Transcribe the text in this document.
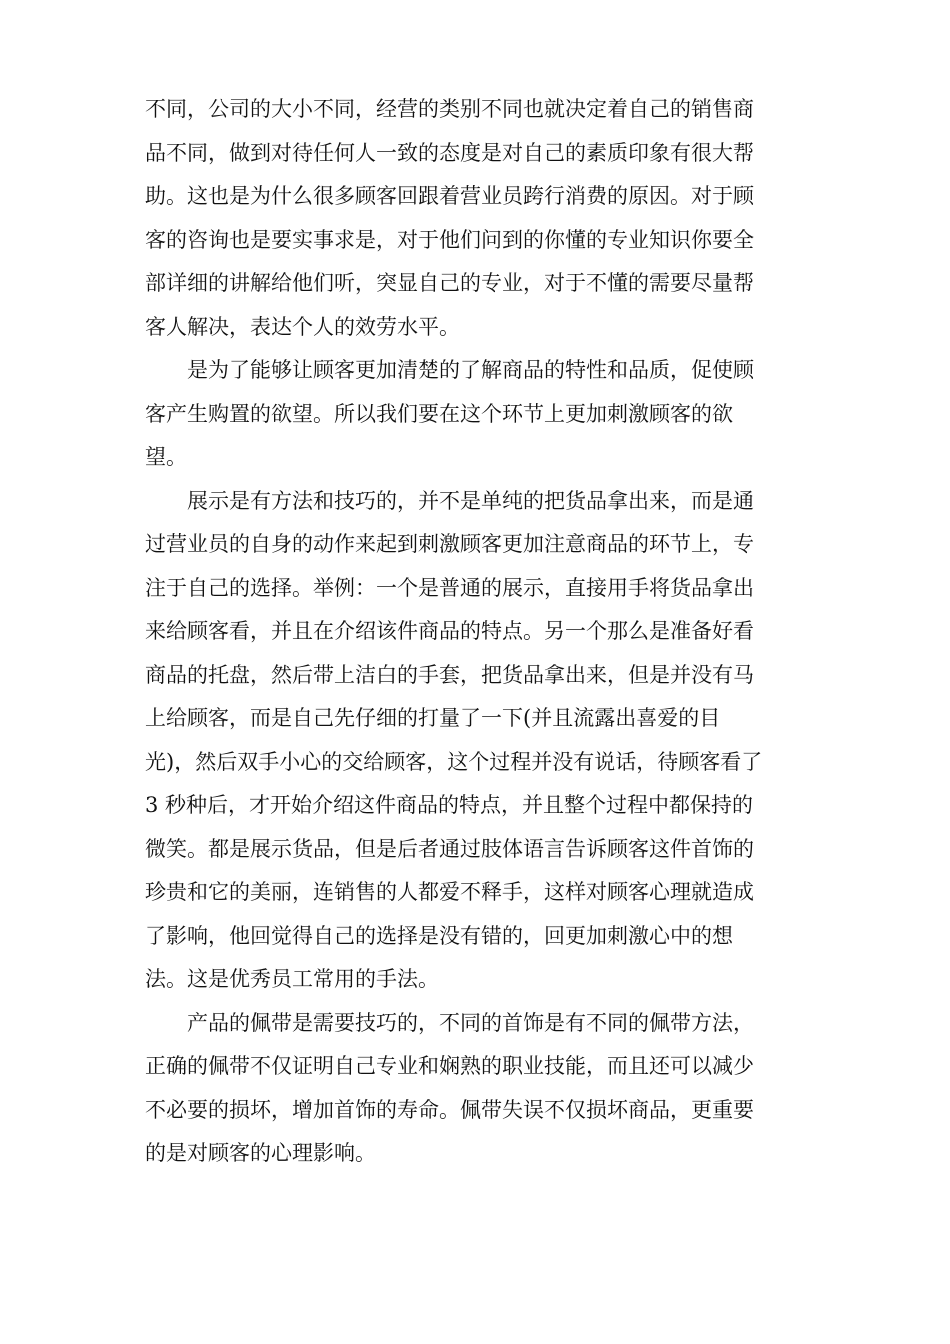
不同，公司的大小不同，经营的类别不同也就决定着自己的销售商
品不同，做到对待任何人一致的态度是对自己的素质印象有很大帮
助。这也是为什么很多顾客回跟着营业员跨行消费的原因。对于顾
客的咨询也是要实事求是，对于他们问到的你懂的专业知识你要全
部详细的讲解给他们听，突显自己的专业，对于不懂的需要尽量帮
客人解决，表达个人的效劳水平。
　　是为了能够让顾客更加清楚的了解商品的特性和品质，促使顾
客产生购置的欲望。所以我们要在这个环节上更加刺激顾客的欲
望。
　　展示是有方法和技巧的，并不是单纯的把货品拿出来，而是通
过营业员的自身的动作来起到刺激顾客更加注意商品的环节上，专
注于自己的选择。举例：一个是普通的展示，直接用手将货品拿出
来给顾客看，并且在介绍该件商品的特点。另一个那么是准备好看
商品的托盘，然后带上洁白的手套，把货品拿出来，但是并没有马
上给顾客，而是自己先仔细的打量了一下(并且流露出喜爱的目
光)，然后双手小心的交给顾客，这个过程并没有说话，待顾客看了
3 秒种后，才开始介绍这件商品的特点，并且整个过程中都保持的
微笑。都是展示货品，但是后者通过肢体语言告诉顾客这件首饰的
珍贵和它的美丽，连销售的人都爱不释手，这样对顾客心理就造成
了影响，他回觉得自己的选择是没有错的，回更加刺激心中的想
法。这是优秀员工常用的手法。
　　产品的佩带是需要技巧的，不同的首饰是有不同的佩带方法，
正确的佩带不仅证明自己专业和娴熟的职业技能，而且还可以减少
不必要的损坏，增加首饰的寿命。佩带失误不仅损坏商品，更重要
的是对顾客的心理影响。
